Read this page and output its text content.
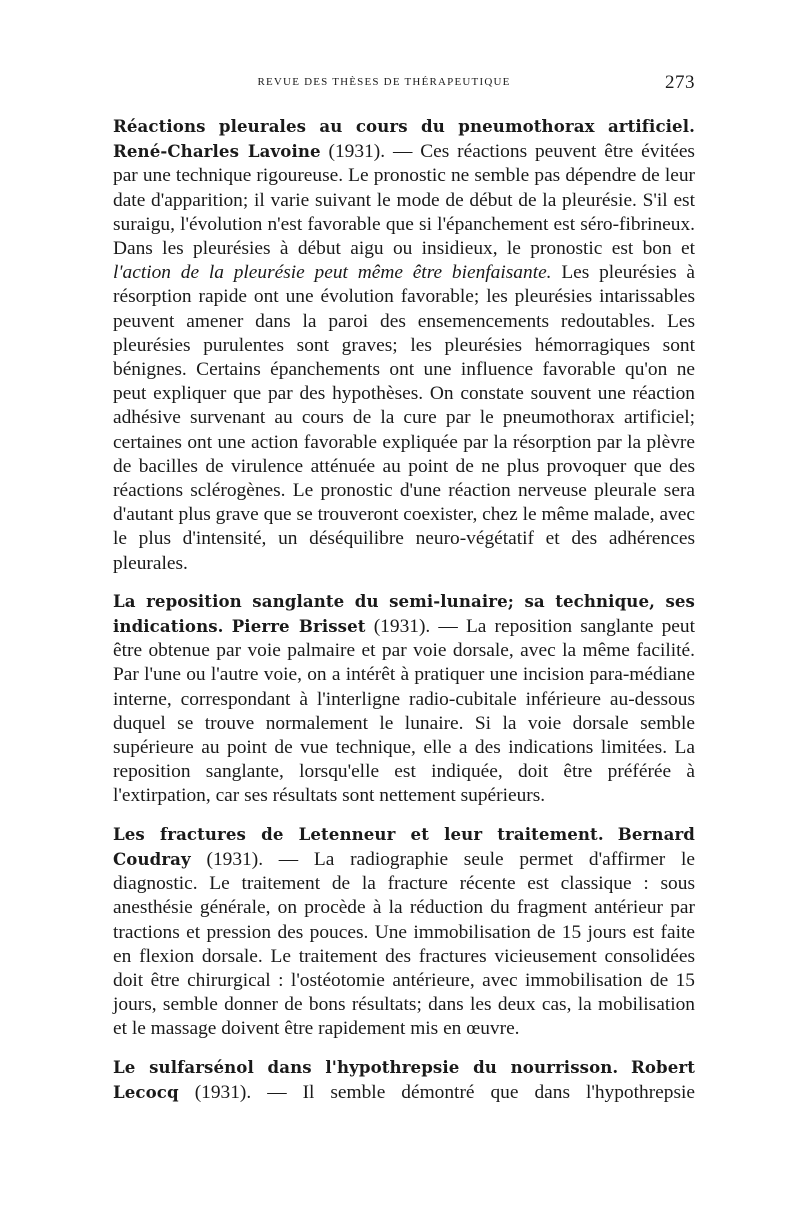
REVUE DES THÈSES DE THÉRAPEUTIQUE	273

Réactions pleurales au cours du pneumothorax artificiel. René-Charles Lavoine (1931). — Ces réactions peuvent être évitées par une technique rigoureuse. Le pronostic ne semble pas dépendre de leur date d'apparition; il varie suivant le mode de début de la pleurésie. S'il est suraigu, l'évolution n'est favorable que si l'épanchement est séro-fibrineux. Dans les pleurésies à début aigu ou insidieux, le pronostic est bon et l'action de la pleurésie peut même être bienfaisante. Les pleurésies à résorption rapide ont une évolution favorable; les pleurésies intarissables peuvent amener dans la paroi des ensemencements redoutables. Les pleurésies purulentes sont graves; les pleurésies hémorragiques sont bénignes. Certains épanchements ont une influence favorable qu'on ne peut expliquer que par des hypothèses. On constate souvent une réaction adhésive survenant au cours de la cure par le pneumothorax artificiel; certaines ont une action favorable expliquée par la résorption par la plèvre de bacilles de virulence atténuée au point de ne plus provoquer que des réactions sclérogènes. Le pronostic d'une réaction nerveuse pleurale sera d'autant plus grave que se trouveront coexister, chez le même malade, avec le plus d'intensité, un déséquilibre neuro-végétatif et des adhérences pleurales.

La reposition sanglante du semi-lunaire; sa technique, ses indications. Pierre Brisset (1931). — La reposition sanglante peut être obtenue par voie palmaire et par voie dorsale, avec la même facilité. Par l'une ou l'autre voie, on a intérêt à pratiquer une incision para-médiane interne, correspondant à l'interligne radio-cubitale inférieure au-dessous duquel se trouve normalement le lunaire. Si la voie dorsale semble supérieure au point de vue technique, elle a des indications limitées. La reposition sanglante, lorsqu'elle est indiquée, doit être préférée à l'extirpation, car ses résultats sont nettement supérieurs.

Les fractures de Letenneur et leur traitement. Bernard Coudray (1931). — La radiographie seule permet d'affirmer le diagnostic. Le traitement de la fracture récente est classique : sous anesthésie générale, on procède à la réduction du fragment antérieur par tractions et pression des pouces. Une immobilisation de 15 jours est faite en flexion dorsale. Le traitement des fractures vicieusement consolidées doit être chirurgical : l'ostéotomie antérieure, avec immobilisation de 15 jours, semble donner de bons résultats; dans les deux cas, la mobilisation et le massage doivent être rapidement mis en œuvre.

Le sulfarsénol dans l'hypothrepsie du nourrisson. Robert Lecocq (1931). — Il semble démontré que dans l'hypothrepsie
